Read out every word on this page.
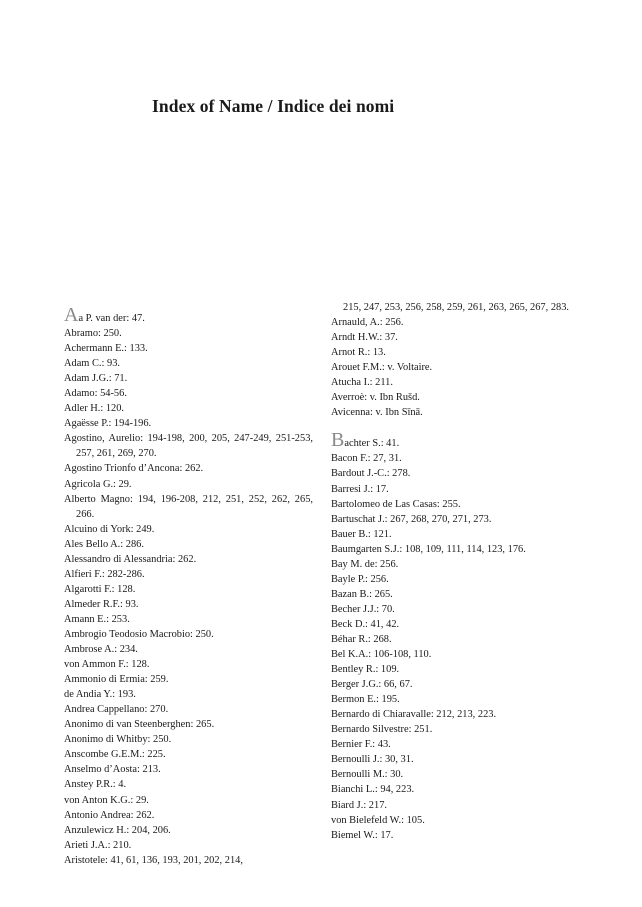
Index of Name / Indice dei nomi
Aa P. van der: 47.
Abramo: 250.
Achermann E.: 133.
Adam C.: 93.
Adam J.G.: 71.
Adamo: 54-56.
Adler H.: 120.
Agaësse P.: 194-196.
Agostino, Aurelio: 194-198, 200, 205, 247-249, 251-253, 257, 261, 269, 270.
Agostino Trionfo d’Ancona: 262.
Agricola G.: 29.
Alberto Magno: 194, 196-208, 212, 251, 252, 262, 265, 266.
Alcuino di York: 249.
Ales Bello A.: 286.
Alessandro di Alessandria: 262.
Alfieri F.: 282-286.
Algarotti F.: 128.
Almeder R.F.: 93.
Amann E.: 253.
Ambrogio Teodosio Macrobio: 250.
Ambrose A.: 234.
von Ammon F.: 128.
Ammonio di Ermia: 259.
de Andia Y.: 193.
Andrea Cappellano: 270.
Anonimo di van Steenberghen: 265.
Anonimo di Whitby: 250.
Anscombe G.E.M.: 225.
Anselmo d’Aosta: 213.
Anstey P.R.: 4.
von Anton K.G.: 29.
Antonio Andrea: 262.
Anzulewicz H.: 204, 206.
Arieti J.A.: 210.
Aristotele: 41, 61, 136, 193, 201, 202, 214,
215, 247, 253, 256, 258, 259, 261, 263, 265, 267, 283.
Arnauld, A.: 256.
Arndt H.W.: 37.
Arnot R.: 13.
Arouet F.M.: v. Voltaire.
Atucha I.: 211.
Averroè: v. Ibn Rušd.
Avicenna: v. Ibn Sīnā.
Bachter S.: 41.
Bacon F.: 27, 31.
Bardout J.-C.: 278.
Barresi J.: 17.
Bartolomeo de Las Casas: 255.
Bartuschat J.: 267, 268, 270, 271, 273.
Bauer B.: 121.
Baumgarten S.J.: 108, 109, 111, 114, 123, 176.
Bay M. de: 256.
Bayle P.: 256.
Bazan B.: 265.
Becher J.J.: 70.
Beck D.: 41, 42.
Béhar R.: 268.
Bel K.A.: 106-108, 110.
Bentley R.: 109.
Berger J.G.: 66, 67.
Bermon E.: 195.
Bernardo di Chiaravalle: 212, 213, 223.
Bernardo Silvestre: 251.
Bernier F.: 43.
Bernoulli J.: 30, 31.
Bernoulli M.: 30.
Bianchi L.: 94, 223.
Biard J.: 217.
von Bielefeld W.: 105.
Biemel W.: 17.
